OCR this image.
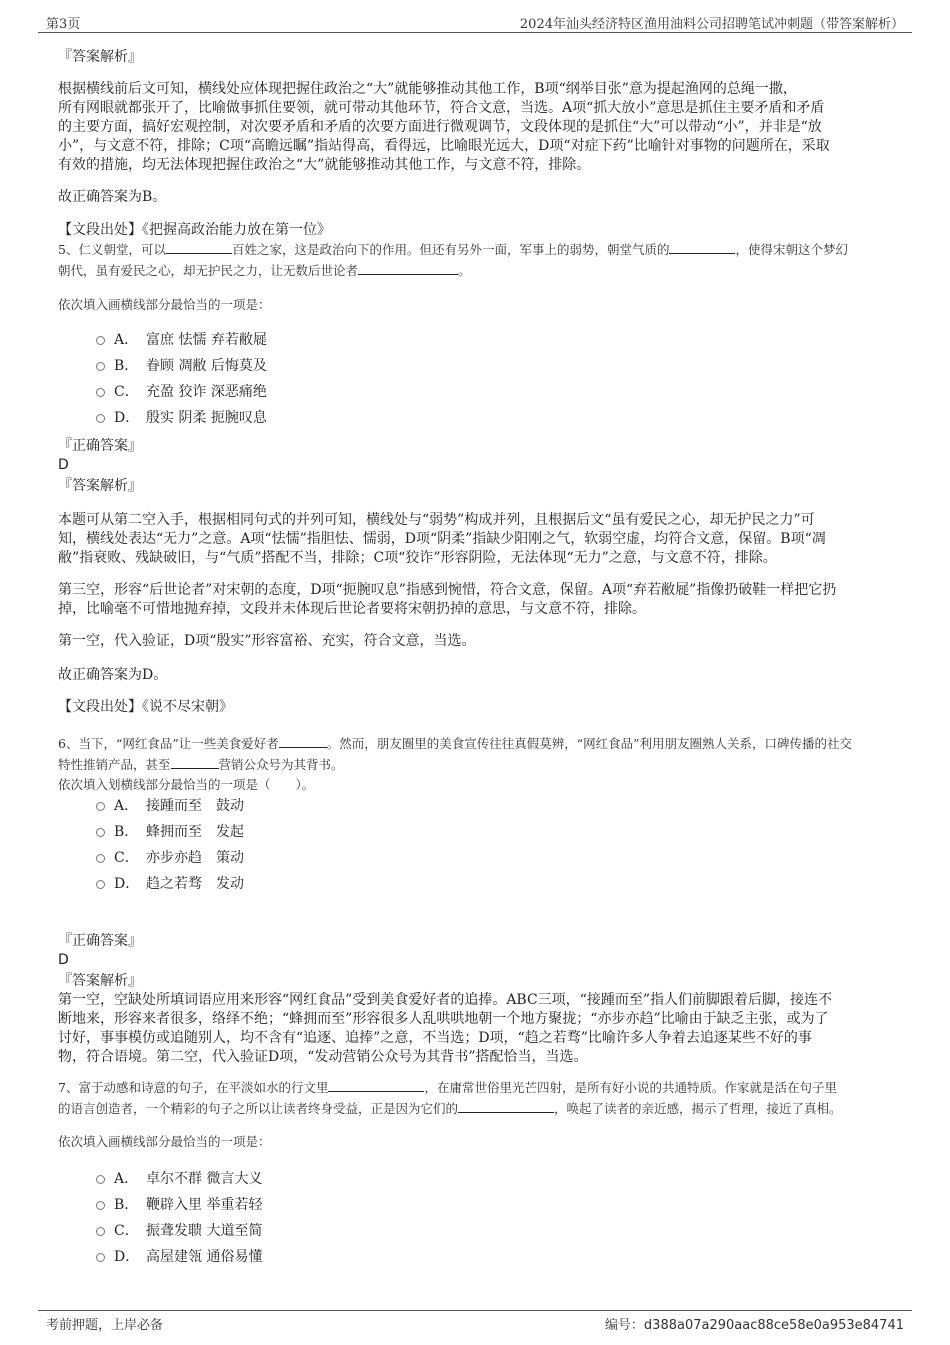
第3页	2024年汕头经济特区渔用油料公司招聘笔试冲刺题（带答案解析）
『答案解析』
根据横线前后文可知，横线处应体现把握住政治之“大”就能够推动其他工作，B项“纲举目张”意为提起渔网的总绳一撒，
所有网眼就都张开了，比喻做事抓住要领，就可带动其他环节，符合文意，当选。A项“抓大放小”意思是抓住主要矛盾和矛盾
的主要方面，搞好宏观控制，对次要矛盾和矛盾的次要方面进行微观调节，文段体现的是抓住“大”可以带动“小”，并非是“放
小”，与文意不符，排除；C项“高瞻远瞩”指站得高，看得远，比喻眼光远大，D项“对症下药”比喻针对事物的问题所在，采取
有效的措施，均无法体现把握住政治之“大”就能够推动其他工作，与文意不符，排除。
故正确答案为B。
【文段出处】《把握高政治能力放在第一位》
5、仁义朝堂，可以	百姓之家，这是政治向下的作用。但还有另外一面，军事上的弱势，朝堂气质的	，使得宋朝这个梦幻
朝代，虽有爱民之心，却无护民之力，让无数后世论者	。
依次填入画横线部分最恰当的一项是：
A． 富庶 怯懦 弃若敝屣
B． 眷顾 凋敝 后悔莫及
C． 充盈 狡诈 深恶痛绝
D． 殷实 阴柔 扼腕叹息
『正确答案』
D
『答案解析』
本题可从第二空入手，根据相同句式的并列可知，横线处与“弱势”构成并列，且根据后文“虽有爱民之心，却无护民之力”可
知，横线处表达“无力”之意。A项“怯懦”指胆怯、懦弱，D项“阴柔”指缺少阳刚之气，软弱空虚，均符合文意，保留。B项“凋
敝”指衰败、残缺破旧，与“气质”搭配不当，排除；C项“狡诈”形容阴险，无法体现“无力”之意，与文意不符，排除。
第三空，形容“后世论者”对宋朝的态度，D项“扼腕叹息”指感到惋惜，符合文意，保留。A项“弃若敝屣”指像扔破鞋一样把它扔
掉，比喻毫不可惜地抛弃掉，文段并未体现后世论者要将宋朝扔掉的意思，与文意不符，排除。
第一空，代入验证，D项“殷实”形容富裕、充实，符合文意，当选。
故正确答案为D。
【文段出处】《说不尽宋朝》
6、当下，“网红食品”让一些美食爱好者	。然而，朋友圈里的美食宣传往往真假莫辨，“网红食品”利用朋友圈熟人关系，口碑传播的社交
特性推销产品，甚至	营销公众号为其背书。
依次填入划横线部分最恰当的一项是（　　）。
A． 接踵而至　鼓动
B． 蜂拥而至　发起
C． 亦步亦趋　策动
D． 趋之若骛　发动
『正确答案』
D
『答案解析』
第一空，空缺处所填词语应用来形容“网红食品”受到美食爱好者的追捧。ABC三项，“接踵而至”指人们前脚跟着后脚，接连不
断地来，形容来者很多，络绎不绝；“蜂拥而至”形容很多人乱哄哄地朝一个地方聚拢；“亦步亦趋”比喻由于缺乏主张，或为了
讨好，事事模仿或追随别人，均不含有“追逐、追捧”之意，不当选；D项，“趋之若骛”比喻许多人争着去追逐某些不好的事
物，符合语境。第二空，代入验证D项，“发动营销公众号为其背书”搭配恰当，当选。
7、富于动感和诗意的句子，在平淡如水的行文里	，在庸常世俗里光芒四射，是所有好小说的共通特质。作家就是活在句子里
的语言创造者，一个精彩的句子之所以让读者终身受益，正是因为它们的	，唤起了读者的亲近感，揭示了哲理，接近了真相。
依次填入画横线部分最恰当的一项是：
A． 卓尔不群 微言大义
B． 鞭辟入里 举重若轻
C． 振聋发聩 大道至简
D． 高屋建瓴 通俗易懂
考前押题，上岸必备	编号：d388a07a290aac88ce58e0a953e84741
